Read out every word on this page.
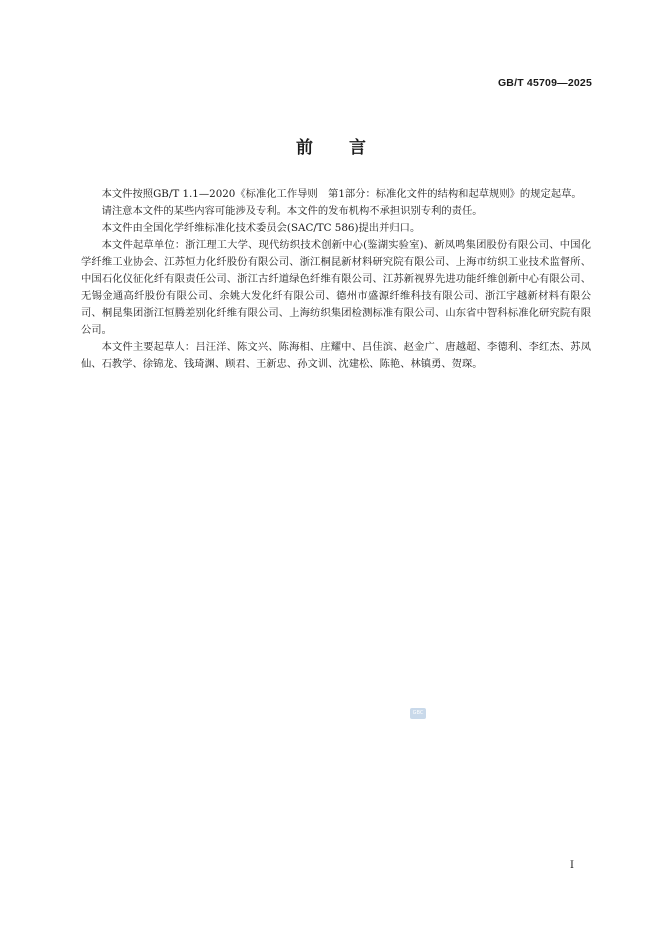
GB/T 45709—2025
前言

本文件按照GB/T 1.1—2020《标准化工作导则　第1部分：标准化文件的结构和起草规则》的规定起草。

请注意本文件的某些内容可能涉及专利。本文件的发布机构不承担识别专利的责任。

本文件由全国化学纤维标准化技术委员会(SAC/TC 586)提出并归口。

本文件起草单位：浙江理工大学、现代纺织技术创新中心(鉴湖实验室)、新凤鸣集团股份有限公司、中国化学纤维工业协会、江苏恒力化纤股份有限公司、浙江桐昆新材料研究院有限公司、上海市纺织工业技术监督所、中国石化仪征化纤有限责任公司、浙江古纤道绿色纤维有限公司、江苏新视界先进功能纤维创新中心有限公司、无锡金通高纤股份有限公司、余姚大发化纤有限公司、德州市盛源纤维科技有限公司、浙江宇越新材料有限公司、桐昆集团浙江恒腾差别化纤维有限公司、上海纺织集团检测标准有限公司、山东省中智科标准化研究院有限公司。

本文件主要起草人：吕汪洋、陈文兴、陈海相、庄耀中、吕佳滨、赵金广、唐越超、李德利、李红杰、苏凤仙、石教学、徐锦龙、钱琦渊、顾君、王新忠、孙文训、沈建松、陈艳、林镇勇、贺琛。

GBC
I
